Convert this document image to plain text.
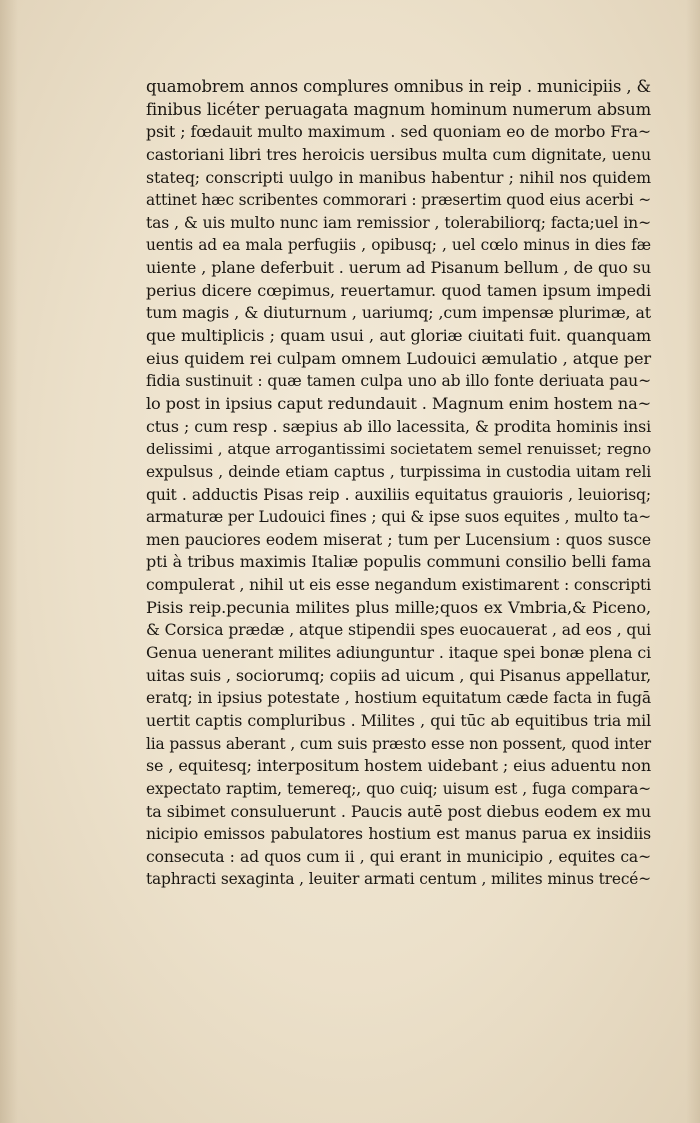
quamobrem annos complures omnibus in reip . municipiis , &
finibus licéter peruagata magnum hominum numerum absum
psit ; fœdauit multo maximum . sed quoniam eo de morbo Fra~
castoriani libri tres heroicis uersibus multa cum dignitate, uenu
stateq; conscripti uulgo in manibus habentur ; nihil nos quidem
attinet hæc scribentes commorari : præsertim quod eius acerbi ~
tas , & uis multo nunc iam remissior , tolerabiliorq; facta;uel in~
uentis ad ea mala perfugiis , opibusq; , uel cœlo minus in dies fæ
uiente , plane deferbuit . uerum ad Pisanum bellum , de quo su
perius dicere cœpimus, reuertamur. quod tamen ipsum impedi
tum magis , & diuturnum , uariumq; ,cum impensæ plurimæ, at
que multiplicis ; quam usui , aut gloriæ ciuitati fuit. quanquam
eius quidem rei culpam omnem Ludouici æmulatio , atque per
fidia sustinuit : quæ tamen culpa uno ab illo fonte deriuata pau~
lo post in ipsius caput redundauit . Magnum enim hostem na~
ctus ; cum resp . sæpius ab illo lacessita, & prodita hominis insi
delissimi , atque arrogantissimi societatem semel renuisset; regno
expulsus , deinde etiam captus , turpissima in custodia uitam reli
quit . adductis Pisas reip . auxiliis equitatus grauioris , leuiorisq;
armaturæ per Ludouici fines ; qui & ipse suos equites , multo ta~
men pauciores eodem miserat ; tum per Lucensium : quos susce
pti à tribus maximis Italiæ populis communi consilio belli fama
compulerat , nihil ut eis esse negandum existimarent : conscripti
Pisis reip.pecunia milites plus mille;quos ex Vmbria,& Piceno,
& Corsica prædæ , atque stipendii spes euocauerat , ad eos , qui
Genua uenerant milites adiunguntur . itaque spei bonæ plena ci
uitas suis , sociorumq; copiis ad uicum , qui Pisanus appellatur,
eratq; in ipsius potestate , hostium equitatum cæde facta in fugā
uertit captis compluribus . Milites , qui tūc ab equitibus tria mil
lia passus aberant , cum suis præsto esse non possent, quod inter
se , equitesq; interpositum hostem uidebant ; eius aduentu non
expectato raptim, temereq;, quo cuiq; uisum est , fuga compara~
ta sibimet consuluerunt . Paucis autē post diebus eodem ex mu
nicipio emissos pabulatores hostium est manus parua ex insidiis
consecuta : ad quos cum ii , qui erant in municipio , equites ca~
taphracti sexaginta , leuiter armati centum , milites minus trecé~
